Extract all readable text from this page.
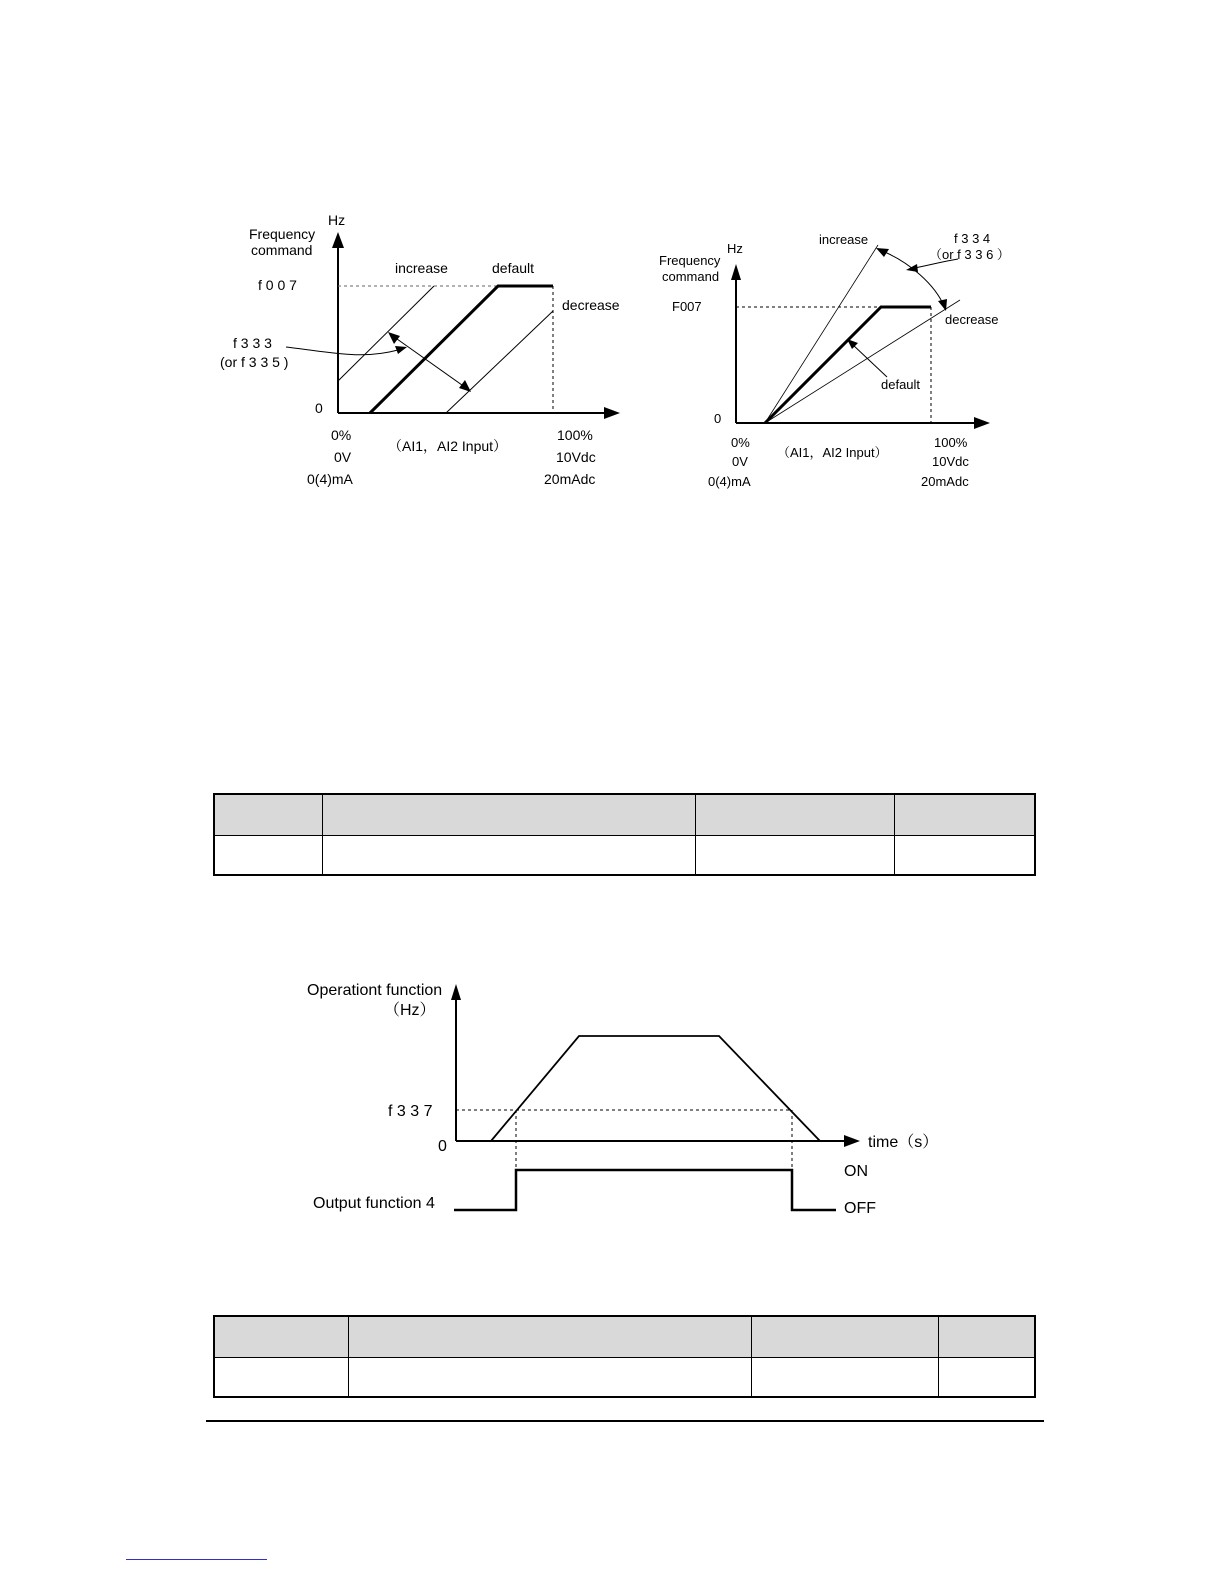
Hz
Frequency
command
f 0 0 7
increase	default
decrease
f 3 3 3
(or f 3 3 5 )
0
0%
0V
0(4)mA
（AI1，AI2 Input）
100%
10Vdc
20mAdc
Hz
Frequency
command
F007
increase	f 3 3 4
（or f 3 3 6 ）
decrease
default
0
0%
0V
0(4)mA
（AI1，AI2 Input）
100%
10Vdc
20mAdc
Operationt function
（Hz）
f 3 3 7
0	time（s）
ON
OFF
Output function 4
